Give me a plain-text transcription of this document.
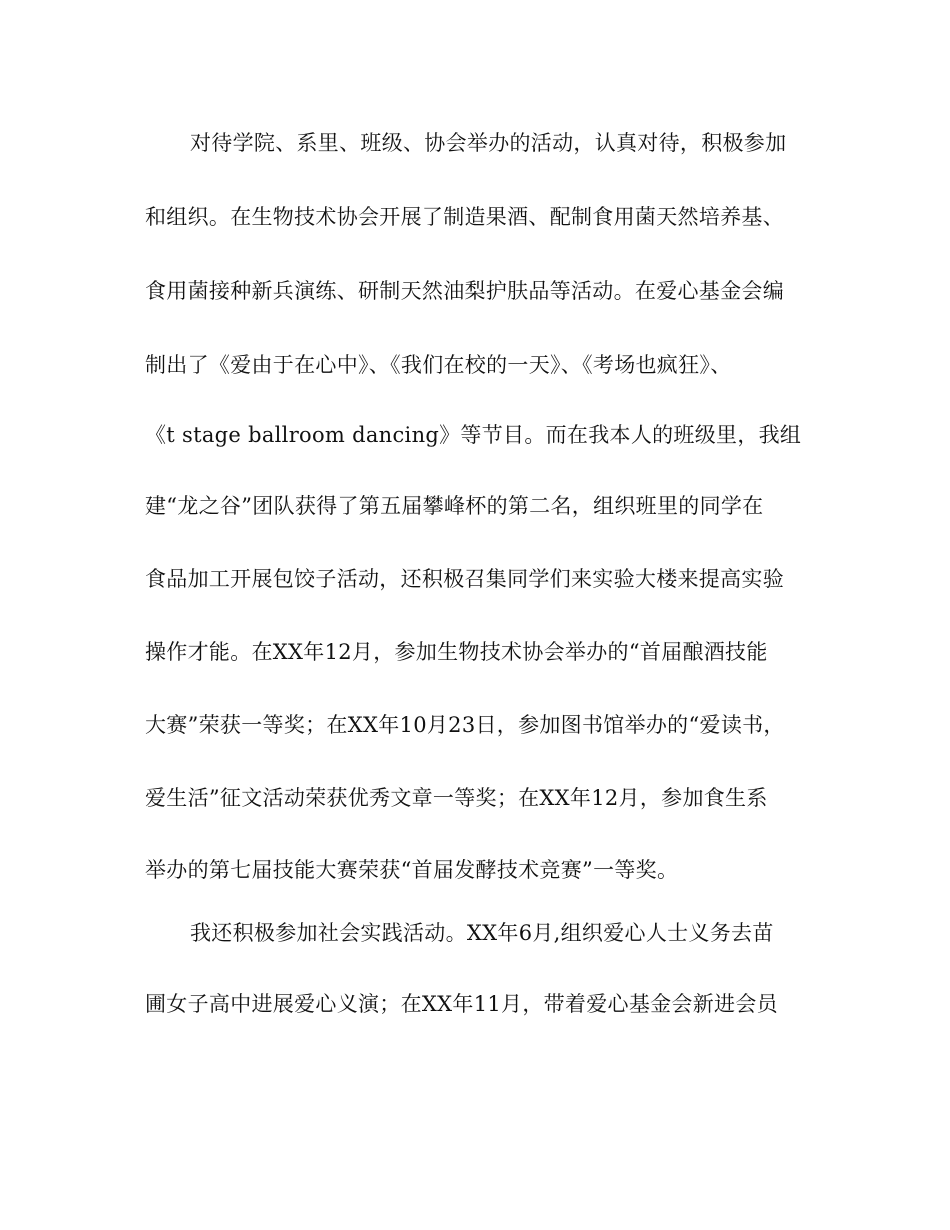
对待学院、系里、班级、协会举办的活动，认真对待，积极参加
和组织。在生物技术协会开展了制造果酒、配制食用菌天然培养基、
食用菌接种新兵演练、研制天然油梨护肤品等活动。在爱心基金会编
制出了《爱由于在心中》、《我们在校的一天》、《考场也疯狂》、
《t stage ballroom dancing》等节目。而在我本人的班级里，我组
建“龙之谷”团队获得了第五届攀峰杯的第二名，组织班里的同学在
食品加工开展包饺子活动，还积极召集同学们来实验大楼来提高实验
操作才能。在XX年12月，参加生物技术协会举办的“首届酿酒技能
大赛”荣获一等奖；在XX年10月23日，参加图书馆举办的“爱读书，
爱生活”征文活动荣获优秀文章一等奖；在XX年12月，参加食生系
举办的第七届技能大赛荣获“首届发酵技术竞赛”一等奖。
我还积极参加社会实践活动。XX年6月,组织爱心人士义务去苗
圃女子高中进展爱心义演；在XX年11月，带着爱心基金会新进会员
